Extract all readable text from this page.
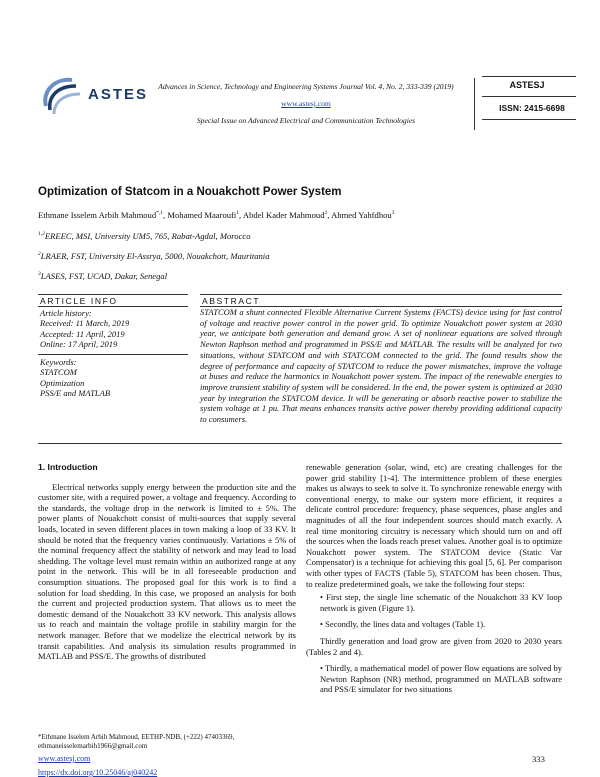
ASTES	Advances in Science, Technology and Engineering Systems Journal Vol. 4, No. 2, 333-339 (2019)
www.astesj.com
Special Issue on Advanced Electrical and Communication Technologies
ASTESJ
ISSN: 2415-6698
Optimization of Statcom in a Nouakchott Power System
Ethmane Isselem Arbih Mahmoud$^{*,1}$, Mohamed Maaroufi$^1$, Abdel Kader Mahmoud$^2$, Ahmed Yahfdhou$^3$
$^{1,2}$EREEC, MSI, University UM5, 765, Rabat-Agdal, Morocco
$^2$LRAER, FST, University El-Assrya, 5000, Nouakchott, Mauritania
$^3$LASES, FST, UCAD, Dakar, Senegal
ARTICLE INFO
Article history:
Received: 11 March, 2019
Accepted: 11 April, 2019
Online: 17 April, 2019
Keywords:
STATCOM
Optimization
PSS/E and MATLAB
ABSTRACT
STATCOM a shunt connected Flexible Alternative Current Systems (FACTS) device using for fast control of voltage and reactive power control in the power grid. To optimize Nouakchott power system at 2030 year, we anticipate both generation and demand grow. A set of nonlinear equations are solved through Newton Raphson method and programmed in PSS/E and MATLAB. The results will be analyzed for two situations, without STATCOM and with STATCOM connected to the grid. The found results show the degree of performance and capacity of STATCOM to reduce the power mismatches, improve the voltage at buses and reduce the harmonics in Nouakchott power system. The impact of the renewable energies to improve transient stability of system will be considered. In the end, the power system is optimized at 2030 year by integration the STATCOM device. It will be generating or absorb reactive power to stabilize the system voltage at 1 pu. That means enhances transits active power thereby providing additional capacity to consumers.

1. Introduction

Electrical networks supply energy between the production site and the customer site, with a required power, a voltage and frequency. According to the standards, the voltage drop in the network is limited to ± 5%. The power plants of Nouakchott consist of multi-sources that supply several loads, located in seven different places in town making a loop of 33 KV. It should be noted that the frequency varies continuously. Variations ± 5% of the nominal frequency affect the stability of network and may lead to load shedding. The voltage level must remain within an authorized range at any point in the network. This will be in all foreseeable production and consumption situations. The proposed goal for this work is to find a solution for load shedding. In this case, we proposed an analysis for both the current and projected production system. That allows us to meet the domestic demand of the Nouakchott 33 KV network. This analysis allows us to reach and maintain the voltage profile in stability margin for the network manager. Before that we modelize the electrical network by its transit capabilities. And analysis its simulation results programmed in MATLAB and PSS/E. The growths of distributed

renewable generation (solar, wind, etc) are creating challenges for the power grid stability [1-4]. The intermittence problem of these energies makes us always to seek to solve it. To synchronize renewable energy with conventional energy, to make our system more efficient, it requires a delicate control procedure: frequency, phase sequences, phase angles and magnitudes of all the four independent sources should match exactly. A real time monitoring circuitry is necessary which should turn on and off the sources when the loads reach preset values. Another goal is to optimize Nouakchott power system. The STATCOM device (Static Var Compensator) is a technique for achieving this goal [5, 6]. Per comparison with other types of FACTS (Table 5), STATCOM has been chosen. Thus, to realize predetermined goals, we take the following four steps:

• First step, the single line schematic of the Nouakchott 33 KV loop network is given (Figure 1).

• Secondly, the lines data and voltages (Table 1).

Thirdly generation and load grow are given from 2020 to 2030 years (Tables 2 and 4).

• Thirdly, a mathematical model of power flow equations are solved by Newton Raphson (NR) method, programmed on MATLAB software and PSS/E simulator for two situations

*Ethmane Isselem Arbih Mahmoud, EETHP-NDB, (+222) 47403369,
ethmaneisselemarbih1966@gmail.com
www.astesj.com
https://dx.doi.org/10.25046/aj040242
333
